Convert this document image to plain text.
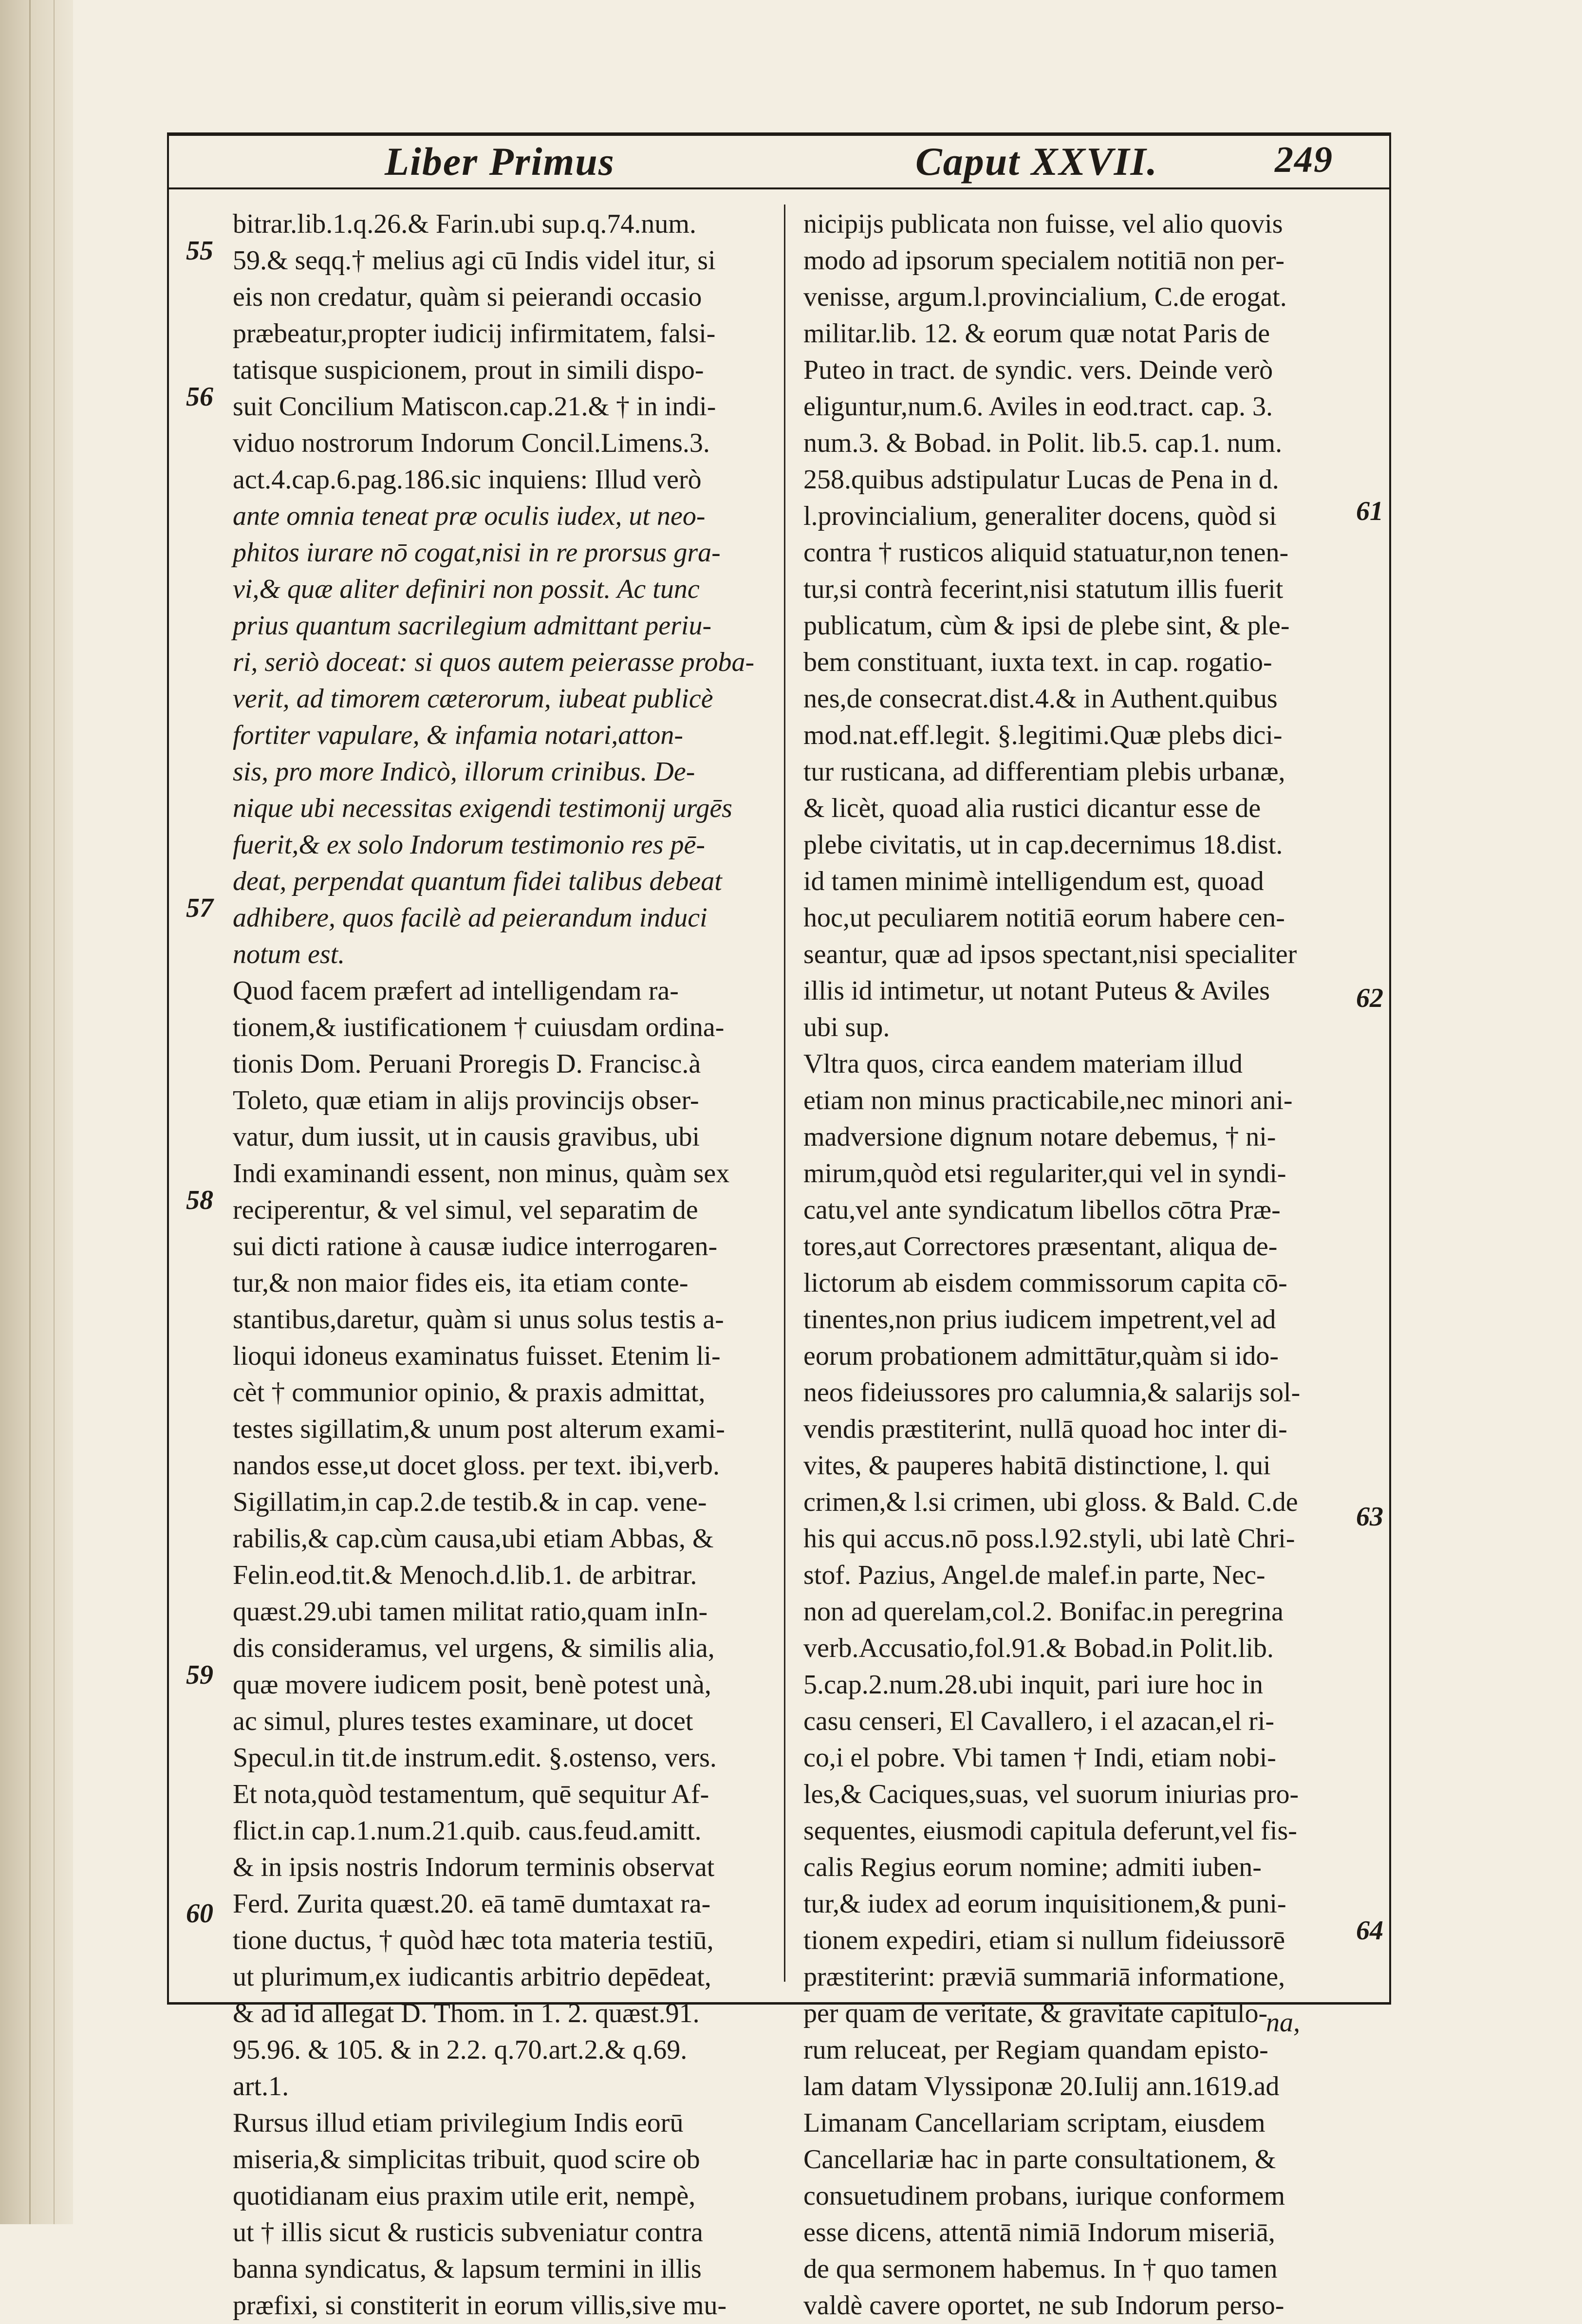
Liber Primus	Caput XXVII.	249
bitrar.lib.1.q.26.& Farin.ubi sup.q.74.num.
59.& seqq.† melius agi cū Indis videl itur, si
eis non credatur, quàm si peierandi occasio
præbeatur,propter iudicij infirmitatem, falsi-
tatisque suspicionem, prout in simili dispo-
suit Concilium Matiscon.cap.21.& † in indi-
viduo nostrorum Indorum Concil.Limens.3.
act.4.cap.6.pag.186.sic inquiens: Illud verò
ante omnia teneat præ oculis iudex, ut neo-
phitos iurare nō cogat,nisi in re prorsus gra-
vi,& quæ aliter definiri non possit. Ac tunc
prius quantum sacrilegium admittant periu-
ri, seriò doceat: si quos autem peierasse proba-
verit, ad timorem cæterorum, iubeat publicè
fortiter vapulare, & infamia notari,atton-
sis, pro more Indicò, illorum crinibus. De-
nique ubi necessitas exigendi testimonij urgēs
fuerit,& ex solo Indorum testimonio res pē-
deat, perpendat quantum fidei talibus debeat
adhibere, quos facilè ad peierandum induci
notum est.
Quod facem præfert ad intelligendam ra-
tionem,& iustificationem † cuiusdam ordina-
tionis Dom. Peruani Proregis D. Francisc.à
Toleto, quæ etiam in alijs provincijs obser-
vatur, dum iussit, ut in causis gravibus, ubi
Indi examinandi essent, non minus, quàm sex
reciperentur, & vel simul, vel separatim de
sui dicti ratione à causæ iudice interrogaren-
tur,& non maior fides eis, ita etiam conte-
stantibus,daretur, quàm si unus solus testis a-
lioqui idoneus examinatus fuisset. Etenim li-
cèt † communior opinio, & praxis admittat,
testes sigillatim,& unum post alterum exami-
nandos esse,ut docet gloss. per text. ibi,verb.
Sigillatim,in cap.2.de testib.& in cap. vene-
rabilis,& cap.cùm causa,ubi etiam Abbas, &
Felin.eod.tit.& Menoch.d.lib.1. de arbitrar.
quæst.29.ubi tamen militat ratio,quam inIn-
dis consideramus, vel urgens, & similis alia,
quæ movere iudicem posit, benè potest unà,
ac simul, plures testes examinare, ut docet
Specul.in tit.de instrum.edit. §.ostenso, vers.
Et nota,quòd testamentum, quē sequitur Af-
flict.in cap.1.num.21.quib. caus.feud.amitt.
& in ipsis nostris Indorum terminis observat
Ferd. Zurita quæst.20. eā tamē dumtaxat ra-
tione ductus, † quòd hæc tota materia testiū,
ut plurimum,ex iudicantis arbitrio depēdeat,
& ad id allegat D. Thom. in 1. 2. quæst.91.
95.96. & 105. & in 2.2. q.70.art.2.& q.69.
art.1.
Rursus illud etiam privilegium Indis eorū
miseria,& simplicitas tribuit, quod scire ob
quotidianam eius praxim utile erit, nempè,
ut † illis sicut & rusticis subveniatur contra
banna syndicatus, & lapsum termini in illis
præfixi, si constiterit in eorum villis,sive mu-
nicipijs publicata non fuisse, vel alio quovis
modo ad ipsorum specialem notitiā non per-
venisse, argum.l.provincialium, C.de erogat.
militar.lib. 12. & eorum quæ notat Paris de
Puteo in tract. de syndic. vers. Deinde verò
eliguntur,num.6. Aviles in eod.tract. cap. 3.
num.3. & Bobad. in Polit. lib.5. cap.1. num.
258.quibus adstipulatur Lucas de Pena in d.
l.provincialium, generaliter docens, quòd si
contra † rusticos aliquid statuatur,non tenen-
tur,si contrà fecerint,nisi statutum illis fuerit
publicatum, cùm & ipsi de plebe sint, & ple-
bem constituant, iuxta text. in cap. rogatio-
nes,de consecrat.dist.4.& in Authent.quibus
mod.nat.eff.legit. §.legitimi.Quæ plebs dici-
tur rusticana, ad differentiam plebis urbanæ,
& licèt, quoad alia rustici dicantur esse de
plebe civitatis, ut in cap.decernimus 18.dist.
id tamen minimè intelligendum est, quoad
hoc,ut peculiarem notitiā eorum habere cen-
seantur, quæ ad ipsos spectant,nisi specialiter
illis id intimetur, ut notant Puteus & Aviles
ubi sup.
Vltra quos, circa eandem materiam illud
etiam non minus practicabile,nec minori ani-
madversione dignum notare debemus, † ni-
mirum,quòd etsi regulariter,qui vel in syndi-
catu,vel ante syndicatum libellos cōtra Præ-
tores,aut Correctores præsentant, aliqua de-
lictorum ab eisdem commissorum capita cō-
tinentes,non prius iudicem impetrent,vel ad
eorum probationem admittātur,quàm si ido-
neos fideiussores pro calumnia,& salarijs sol-
vendis præstiterint, nullā quoad hoc inter di-
vites, & pauperes habitā distinctione, l. qui
crimen,& l.si crimen, ubi gloss. & Bald. C.de
his qui accus.nō poss.l.92.styli, ubi latè Chri-
stof. Pazius, Angel.de malef.in parte, Nec-
non ad querelam,col.2. Bonifac.in peregrina
verb.Accusatio,fol.91.& Bobad.in Polit.lib.
5.cap.2.num.28.ubi inquit, pari iure hoc in
casu censeri, El Cavallero, i el azacan,el ri-
co,i el pobre. Vbi tamen † Indi, etiam nobi-
les,& Caciques,suas, vel suorum iniurias pro-
sequentes, eiusmodi capitula deferunt,vel fis-
calis Regius eorum nomine; admiti iuben-
tur,& iudex ad eorum inquisitionem,& puni-
tionem expediri, etiam si nullum fideiussorē
præstiterint: præviā summariā informatione,
per quam de veritate, & gravitate capitulo-
rum reluceat, per Regiam quandam episto-
lam datam Vlyssiponæ 20.Iulij ann.1619.ad
Limanam Cancellariam scriptam, eiusdem
Cancellariæ hac in parte consultationem, &
consuetudinem probans, iurique conformem
esse dicens, attentā nimiā Indorum miseriā,
de qua sermonem habemus. In † quo tamen
valdè cavere oportet, ne sub Indorum perso-
55
56
57
58
59
60
61
62
63
64
na,
